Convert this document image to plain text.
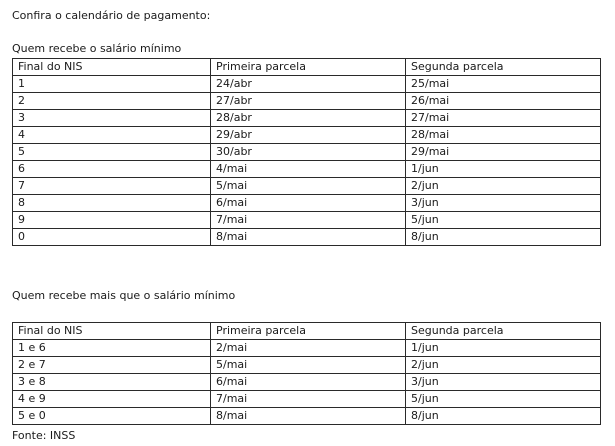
Confira o calendário de pagamento:
Quem recebe o salário mínimo
Final do NIS	Primeira parcela	Segunda parcela
1	24/abr	25/mai
2	27/abr	26/mai
3	28/abr	27/mai
4	29/abr	28/mai
5	30/abr	29/mai
6	4/mai	1/jun
7	5/mai	2/jun
8	6/mai	3/jun
9	7/mai	5/jun
0	8/mai	8/jun
Quem recebe mais que o salário mínimo
Final do NIS	Primeira parcela	Segunda parcela
1 e 6	2/mai	1/jun
2 e 7	5/mai	2/jun
3 e 8	6/mai	3/jun
4 e 9	7/mai	5/jun
5 e 0	8/mai	8/jun
Fonte: INSS
